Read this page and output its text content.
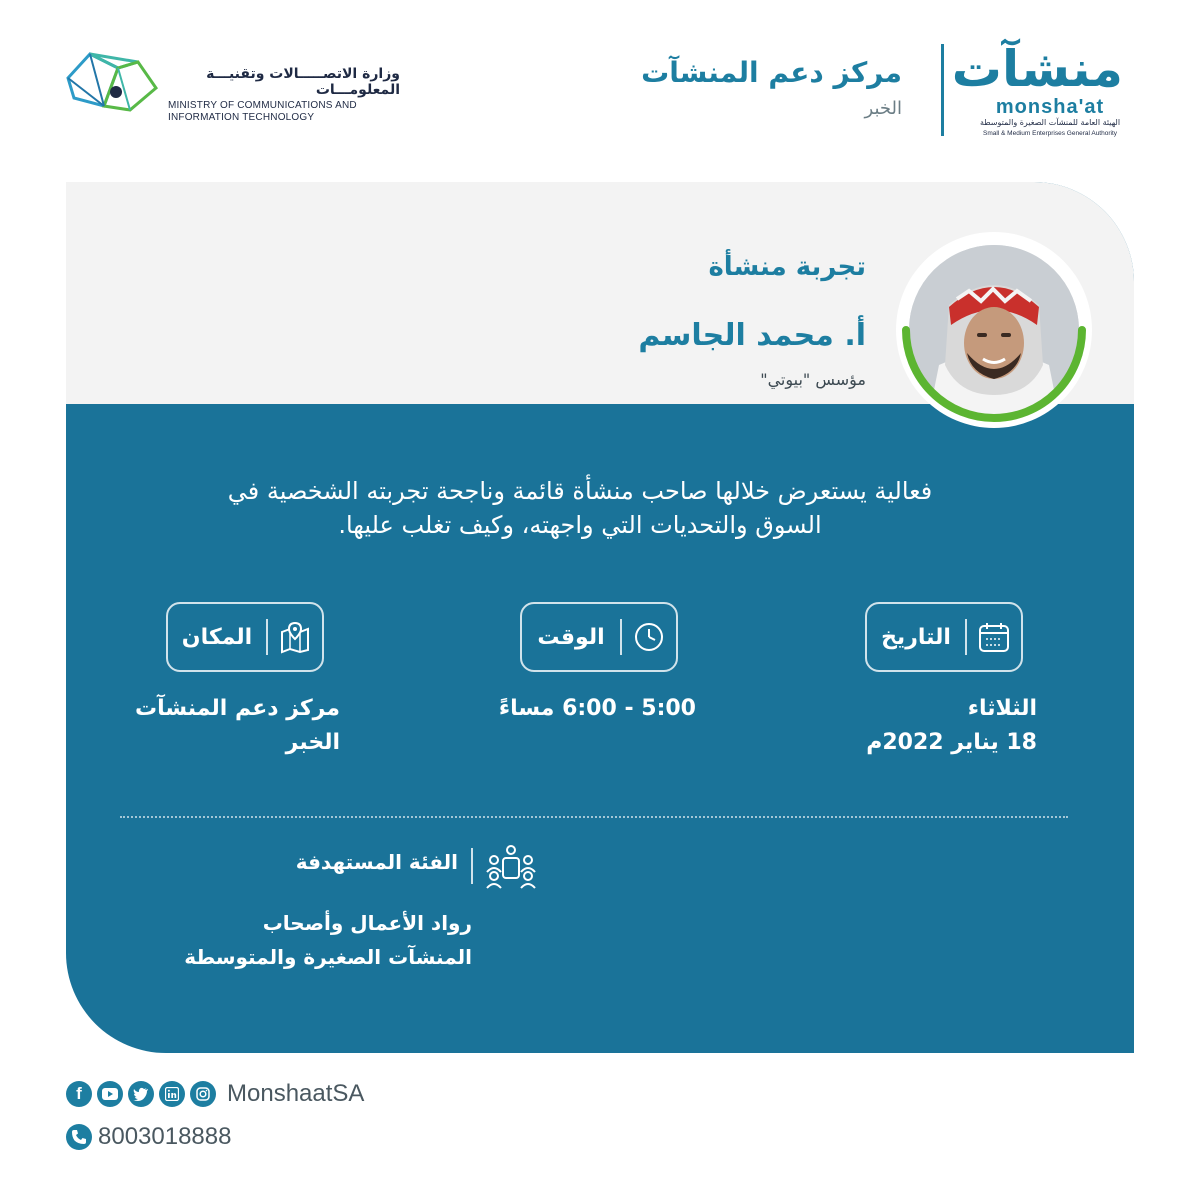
وزارة الاتصـــــالات وتقنيـــة المعلومـــات
MINISTRY OF COMMUNICATIONS AND INFORMATION TECHNOLOGY
مركز دعم المنشآت
الخبر
منشآت
monsha'at
الهيئة العامة للمنشآت الصغيرة والمتوسطة
Small & Medium Enterprises General Authority
تجربة منشأة
أ. محمد الجاسم
مؤسس "بيوتي"
فعالية يستعرض خلالها صاحب منشأة قائمة وناجحة تجربته الشخصية في السوق والتحديات التي واجهته، وكيف تغلب عليها.
التاريخ
الثلاثاء
18 يناير 2022م
الوقت
5:00 - 6:00 مساءً
المكان
مركز دعم المنشآت
الخبر
الفئة المستهدفة
رواد الأعمال وأصحاب
المنشآت الصغيرة والمتوسطة
f	MonshaatSA
8003018888
